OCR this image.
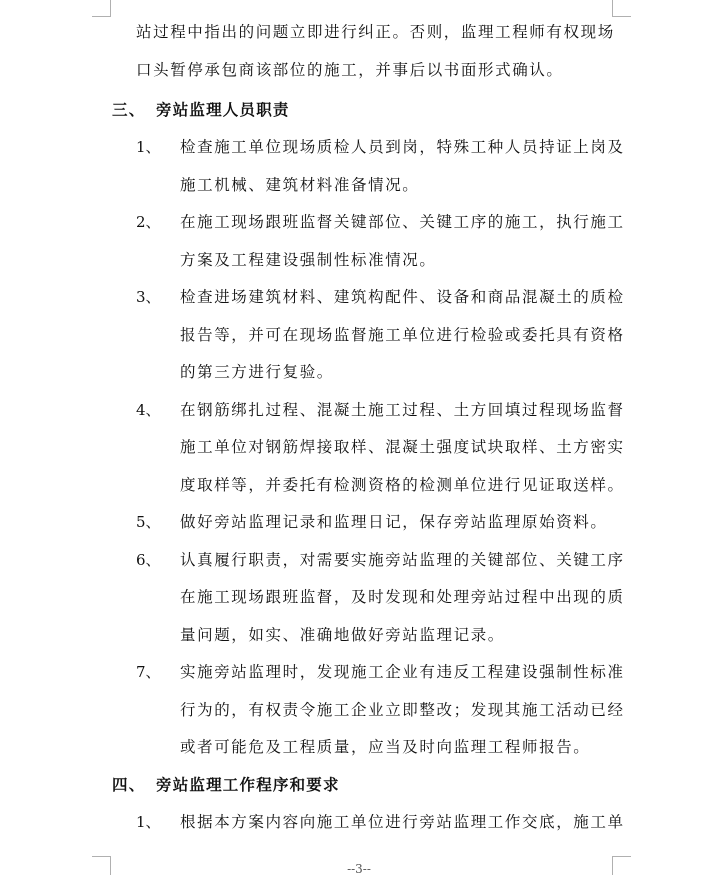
站过程中指出的问题立即进行纠正。否则，监理工程师有权现场
口头暂停承包商该部位的施工，并事后以书面形式确认。
三、 旁站监理人员职责
1、 检查施工单位现场质检人员到岗，特殊工种人员持证上岗及
施工机械、建筑材料准备情况。
2、 在施工现场跟班监督关键部位、关键工序的施工，执行施工
方案及工程建设强制性标准情况。
3、 检查进场建筑材料、建筑构配件、设备和商品混凝土的质检
报告等，并可在现场监督施工单位进行检验或委托具有资格
的第三方进行复验。
4、 在钢筋绑扎过程、混凝土施工过程、土方回填过程现场监督
施工单位对钢筋焊接取样、混凝土强度试块取样、土方密实
度取样等，并委托有检测资格的检测单位进行见证取送样。
5、 做好旁站监理记录和监理日记，保存旁站监理原始资料。
6、 认真履行职责，对需要实施旁站监理的关键部位、关键工序
在施工现场跟班监督，及时发现和处理旁站过程中出现的质
量问题，如实、准确地做好旁站监理记录。
7、 实施旁站监理时，发现施工企业有违反工程建设强制性标准
行为的，有权责令施工企业立即整改；发现其施工活动已经
或者可能危及工程质量，应当及时向监理工程师报告。
四、 旁站监理工作程序和要求
1、 根据本方案内容向施工单位进行旁站监理工作交底，施工单
--3--
